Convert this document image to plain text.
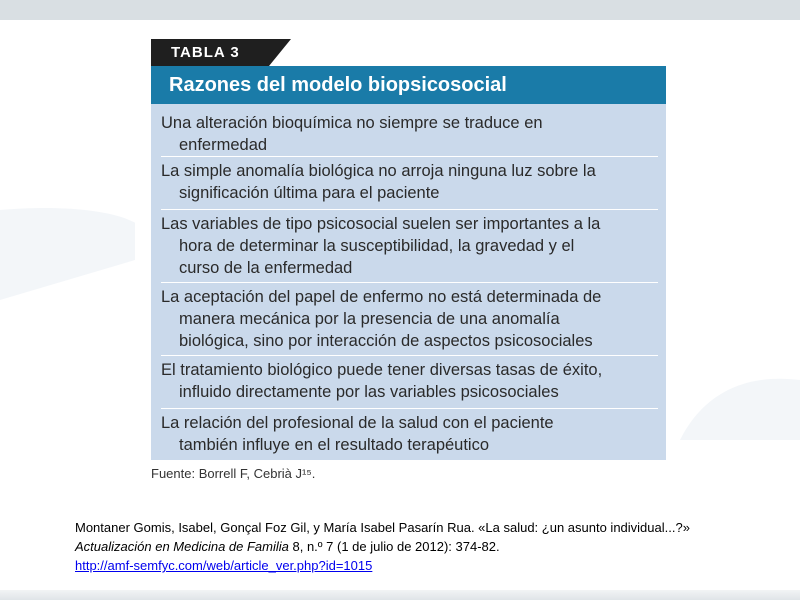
TABLA 3
Razones del modelo biopsicosocial
Una alteración bioquímica no siempre se traduce en
enfermedad
La simple anomalía biológica no arroja ninguna luz sobre la
significación última para el paciente
Las variables de tipo psicosocial suelen ser importantes a la
hora de determinar la susceptibilidad, la gravedad y el
curso de la enfermedad
La aceptación del papel de enfermo no está determinada de
manera mecánica por la presencia de una anomalía
biológica, sino por interacción de aspectos psicosociales
El tratamiento biológico puede tener diversas tasas de éxito,
influido directamente por las variables psicosociales
La relación del profesional de la salud con el paciente
también influye en el resultado terapéutico
Fuente: Borrell F, Cebrià J¹⁵.
Montaner Gomis, Isabel, Gonçal Foz Gil, y María Isabel Pasarín Rua. «La salud: ¿un asunto individual...?»
Actualización en Medicina de Familia 8, n.º 7 (1 de julio de 2012): 374-82.
http://amf-semfyc.com/web/article_ver.php?id=1015
